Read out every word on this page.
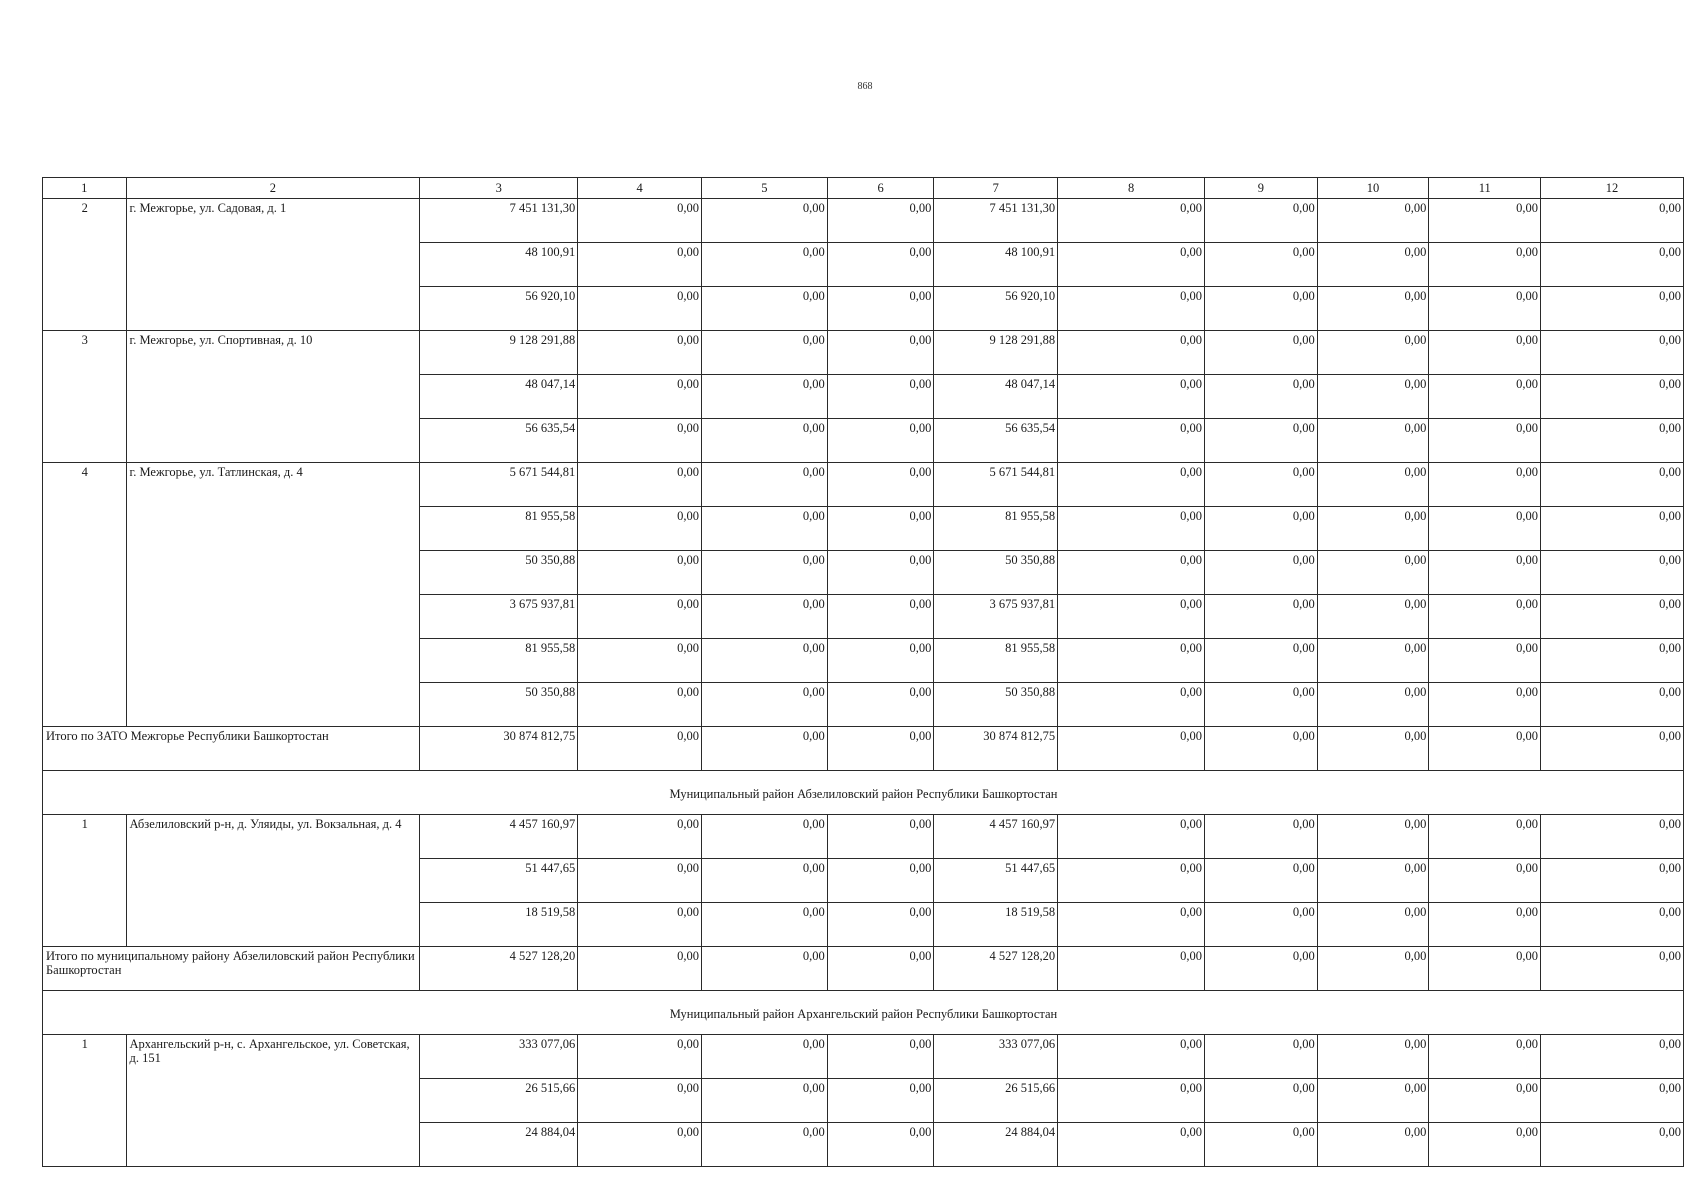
868
1	2	3	4	5	6	7	8	9	10	11	12
2	г. Межгорье, ул. Садовая, д. 1	7 451 131,30	0,00	0,00	0,00	7 451 131,30	0,00	0,00	0,00	0,00	0,00
		48 100,91	0,00	0,00	0,00	48 100,91	0,00	0,00	0,00	0,00	0,00
		56 920,10	0,00	0,00	0,00	56 920,10	0,00	0,00	0,00	0,00	0,00
3	г. Межгорье, ул. Спортивная, д. 10	9 128 291,88	0,00	0,00	0,00	9 128 291,88	0,00	0,00	0,00	0,00	0,00
		48 047,14	0,00	0,00	0,00	48 047,14	0,00	0,00	0,00	0,00	0,00
		56 635,54	0,00	0,00	0,00	56 635,54	0,00	0,00	0,00	0,00	0,00
4	г. Межгорье, ул. Татлинская, д. 4	5 671 544,81	0,00	0,00	0,00	5 671 544,81	0,00	0,00	0,00	0,00	0,00
		81 955,58	0,00	0,00	0,00	81 955,58	0,00	0,00	0,00	0,00	0,00
		50 350,88	0,00	0,00	0,00	50 350,88	0,00	0,00	0,00	0,00	0,00
		3 675 937,81	0,00	0,00	0,00	3 675 937,81	0,00	0,00	0,00	0,00	0,00
		81 955,58	0,00	0,00	0,00	81 955,58	0,00	0,00	0,00	0,00	0,00
		50 350,88	0,00	0,00	0,00	50 350,88	0,00	0,00	0,00	0,00	0,00
Итого по ЗАТО Межгорье Республики Башкортостан		30 874 812,75	0,00	0,00	0,00	30 874 812,75	0,00	0,00	0,00	0,00	0,00
Муниципальный район Абзелиловский район Республики Башкортостан											
1	Абзелиловский р-н, д. Уляиды, ул. Вокзальная, д. 4	4 457 160,97	0,00	0,00	0,00	4 457 160,97	0,00	0,00	0,00	0,00	0,00
		51 447,65	0,00	0,00	0,00	51 447,65	0,00	0,00	0,00	0,00	0,00
		18 519,58	0,00	0,00	0,00	18 519,58	0,00	0,00	0,00	0,00	0,00
Итого по муниципальному району Абзелиловский район Республики Башкортостан		4 527 128,20	0,00	0,00	0,00	4 527 128,20	0,00	0,00	0,00	0,00	0,00
Муниципальный район Архангельский район Республики Башкортостан											
1	Архангельский р-н, с. Архангельское, ул. Советская, д. 151	333 077,06	0,00	0,00	0,00	333 077,06	0,00	0,00	0,00	0,00	0,00
		26 515,66	0,00	0,00	0,00	26 515,66	0,00	0,00	0,00	0,00	0,00
		24 884,04	0,00	0,00	0,00	24 884,04	0,00	0,00	0,00	0,00	0,00
